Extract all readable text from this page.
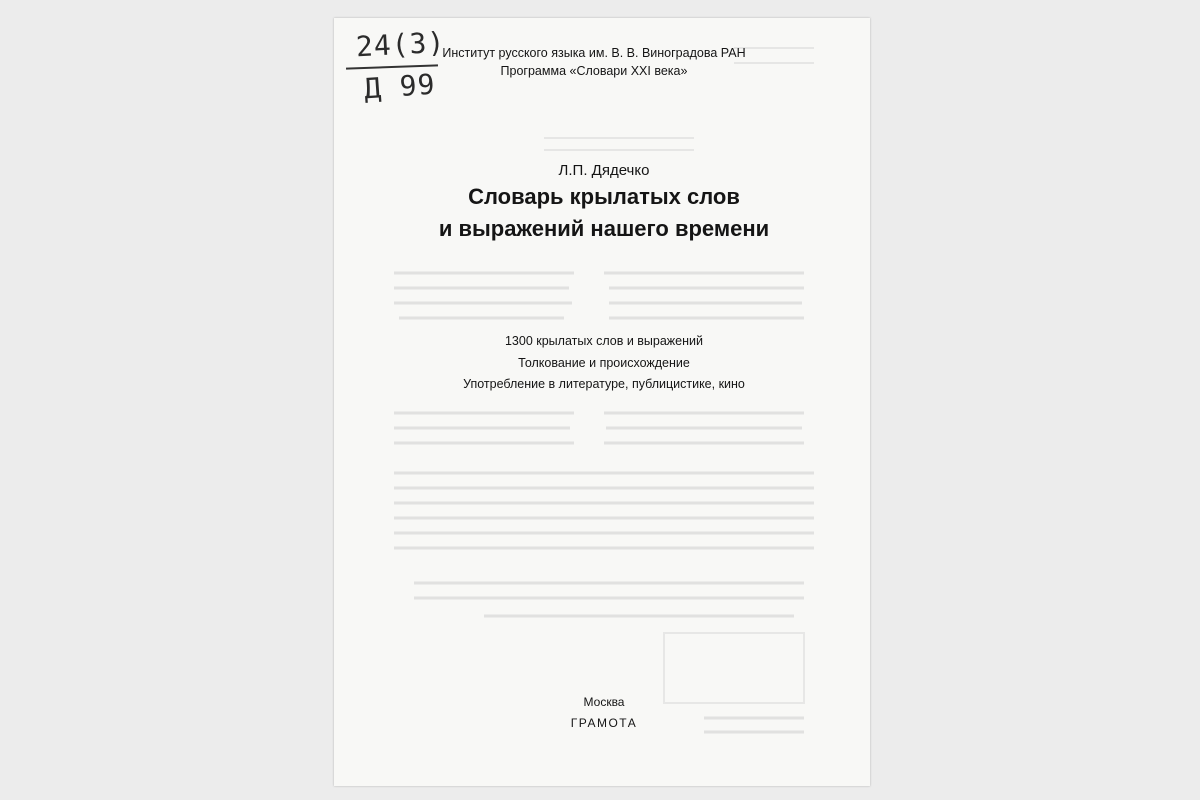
24(3)
Д 99
Институт русского языка им. В. В. Виноградова РАН
Программа «Словари XXI века»
Л.П. Дядечко
Словарь крылатых слов
и выражений нашего времени
1300 крылатых слов и выражений
Толкование и происхождение
Употребление в литературе, публицистике, кино
Москва
ГРАМОТА
